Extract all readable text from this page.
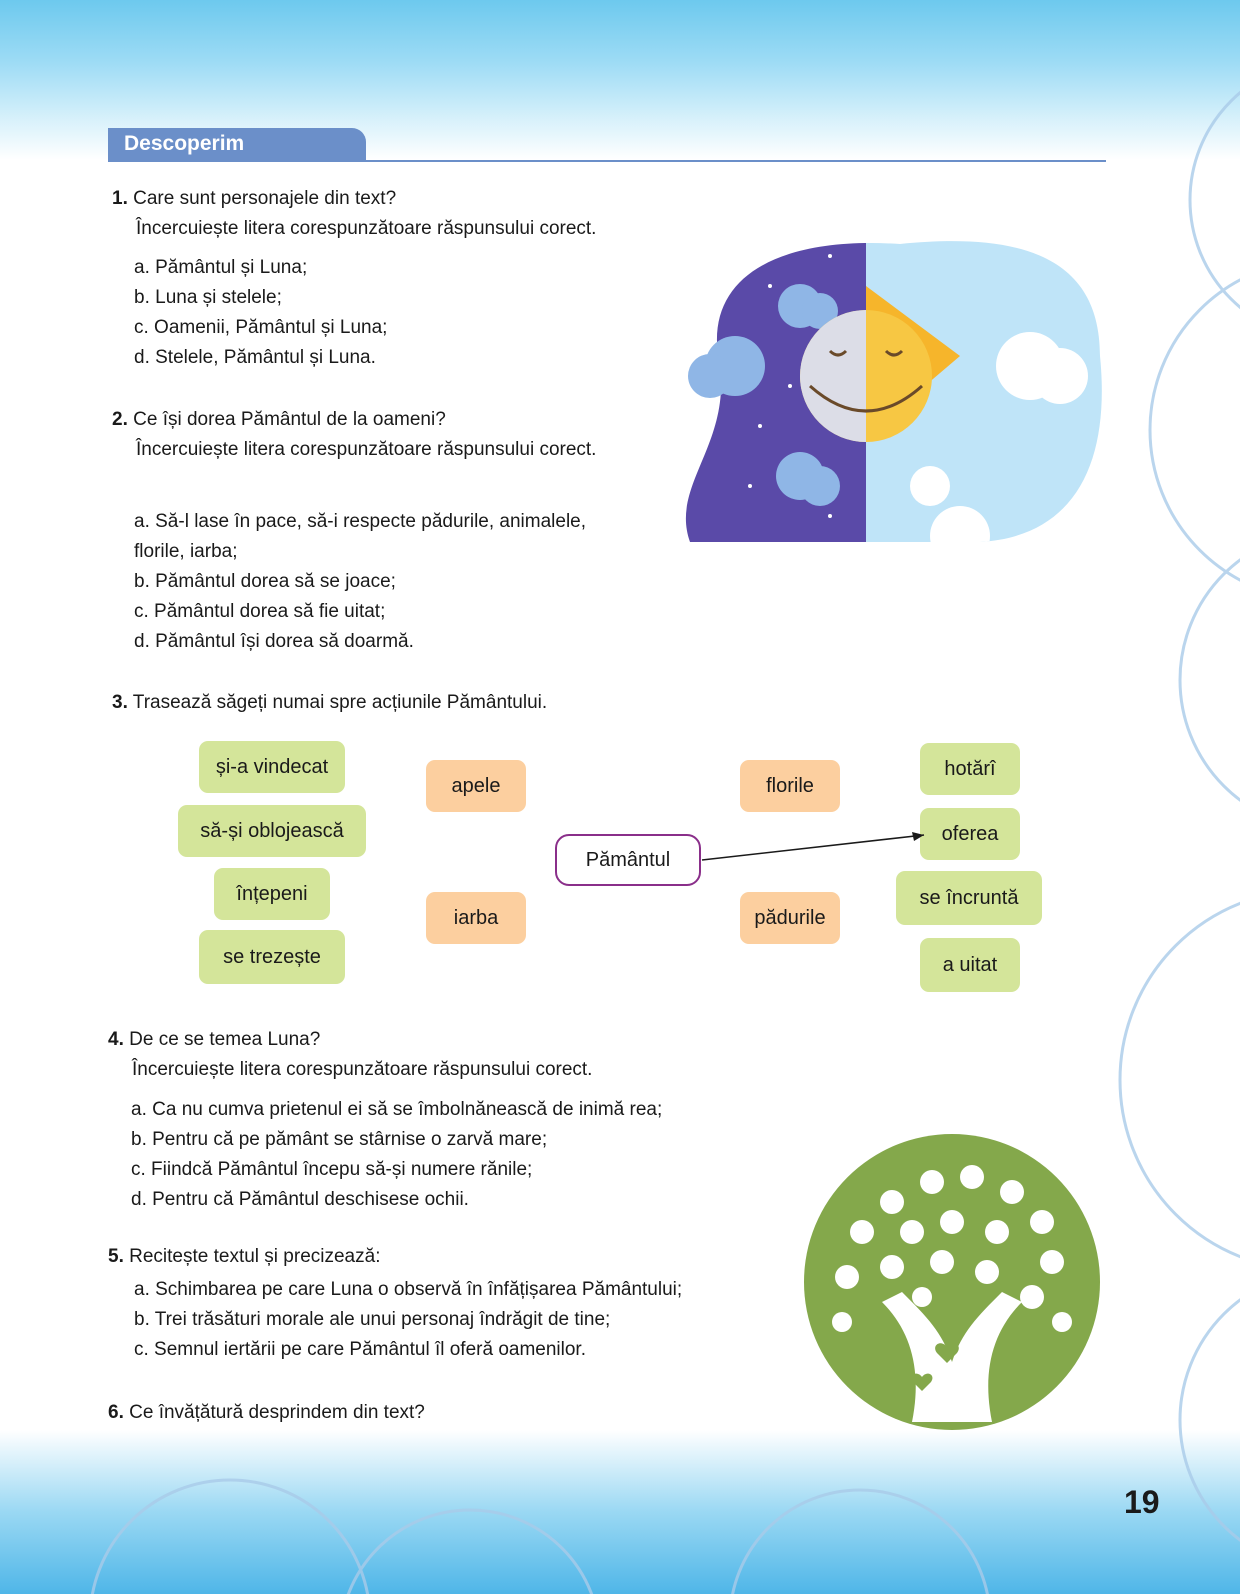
Descoperim
1. Care sunt personajele din text?
Încercuiește litera corespunzătoare răspunsului corect.
a. Pământul și Luna;
b. Luna și stelele;
c. Oamenii, Pământul și Luna;
d. Stelele, Pământul și Luna.
2. Ce își dorea Pământul de la oameni?
Încercuiește litera corespunzătoare răspunsului corect.
a. Să-l lase în pace, să-i respecte pădurile, animalele,
florile, iarba;
b. Pământul dorea să se joace;
c. Pământul dorea să fie uitat;
d. Pământul își dorea să doarmă.
3. Trasează săgeți numai spre acțiunile Pământului.
și-a vindecat
să-și oblojească
înțepeni
se trezește
apele
iarba
Pământul
florile
pădurile
hotărî
oferea
se încruntă
a uitat
4. De ce se temea Luna?
Încercuiește litera corespunzătoare răspunsului corect.
a. Ca nu cumva prietenul ei să se îmbolnănească de inimă rea;
b. Pentru că pe pământ se stârnise o zarvă mare;
c. Fiindcă Pământul începu să-și numere rănile;
d. Pentru că Pământul deschisese ochii.
5. Recitește textul și precizează:
a. Schimbarea pe care Luna o observă în înfățișarea Pământului;
b. Trei trăsături morale ale unui personaj îndrăgit de tine;
c. Semnul iertării pe care Pământul îl oferă oamenilor.
6. Ce învățătură desprindem din text?
19
